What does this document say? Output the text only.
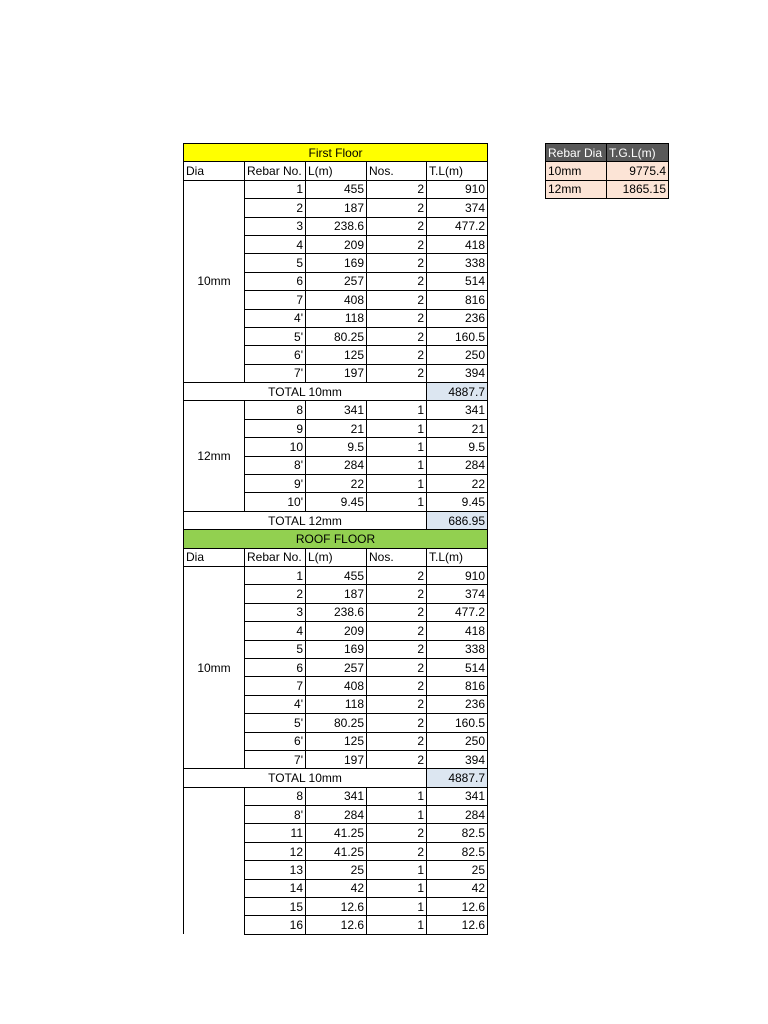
First Floor				
Dia	Rebar No.	L(m)	Nos.	T.L(m)
10mm	1	455	2	910
	2	187	2	374
	3	238.6	2	477.2
	4	209	2	418
	5	169	2	338
	6	257	2	514
	7	408	2	816
	4'	118	2	236
	5'	80.25	2	160.5
	6'	125	2	250
	7'	197	2	394
TOTAL 10mm				4887.7
12mm	8	341	1	341
	9	21	1	21
	10	9.5	1	9.5
	8'	284	1	284
	9'	22	1	22
	10'	9.45	1	9.45
TOTAL 12mm				686.95
ROOF FLOOR				
Dia	Rebar No.	L(m)	Nos.	T.L(m)
10mm	1	455	2	910
	2	187	2	374
	3	238.6	2	477.2
	4	209	2	418
	5	169	2	338
	6	257	2	514
	7	408	2	816
	4'	118	2	236
	5'	80.25	2	160.5
	6'	125	2	250
	7'	197	2	394
TOTAL 10mm				4887.7
	8	341	1	341
	8'	284	1	284
	11	41.25	2	82.5
	12	41.25	2	82.5
	13	25	1	25
	14	42	1	42
	15	12.6	1	12.6
	16	12.6	1	12.6
Rebar Dia	T.G.L(m)
10mm	9775.4
12mm	1865.15
